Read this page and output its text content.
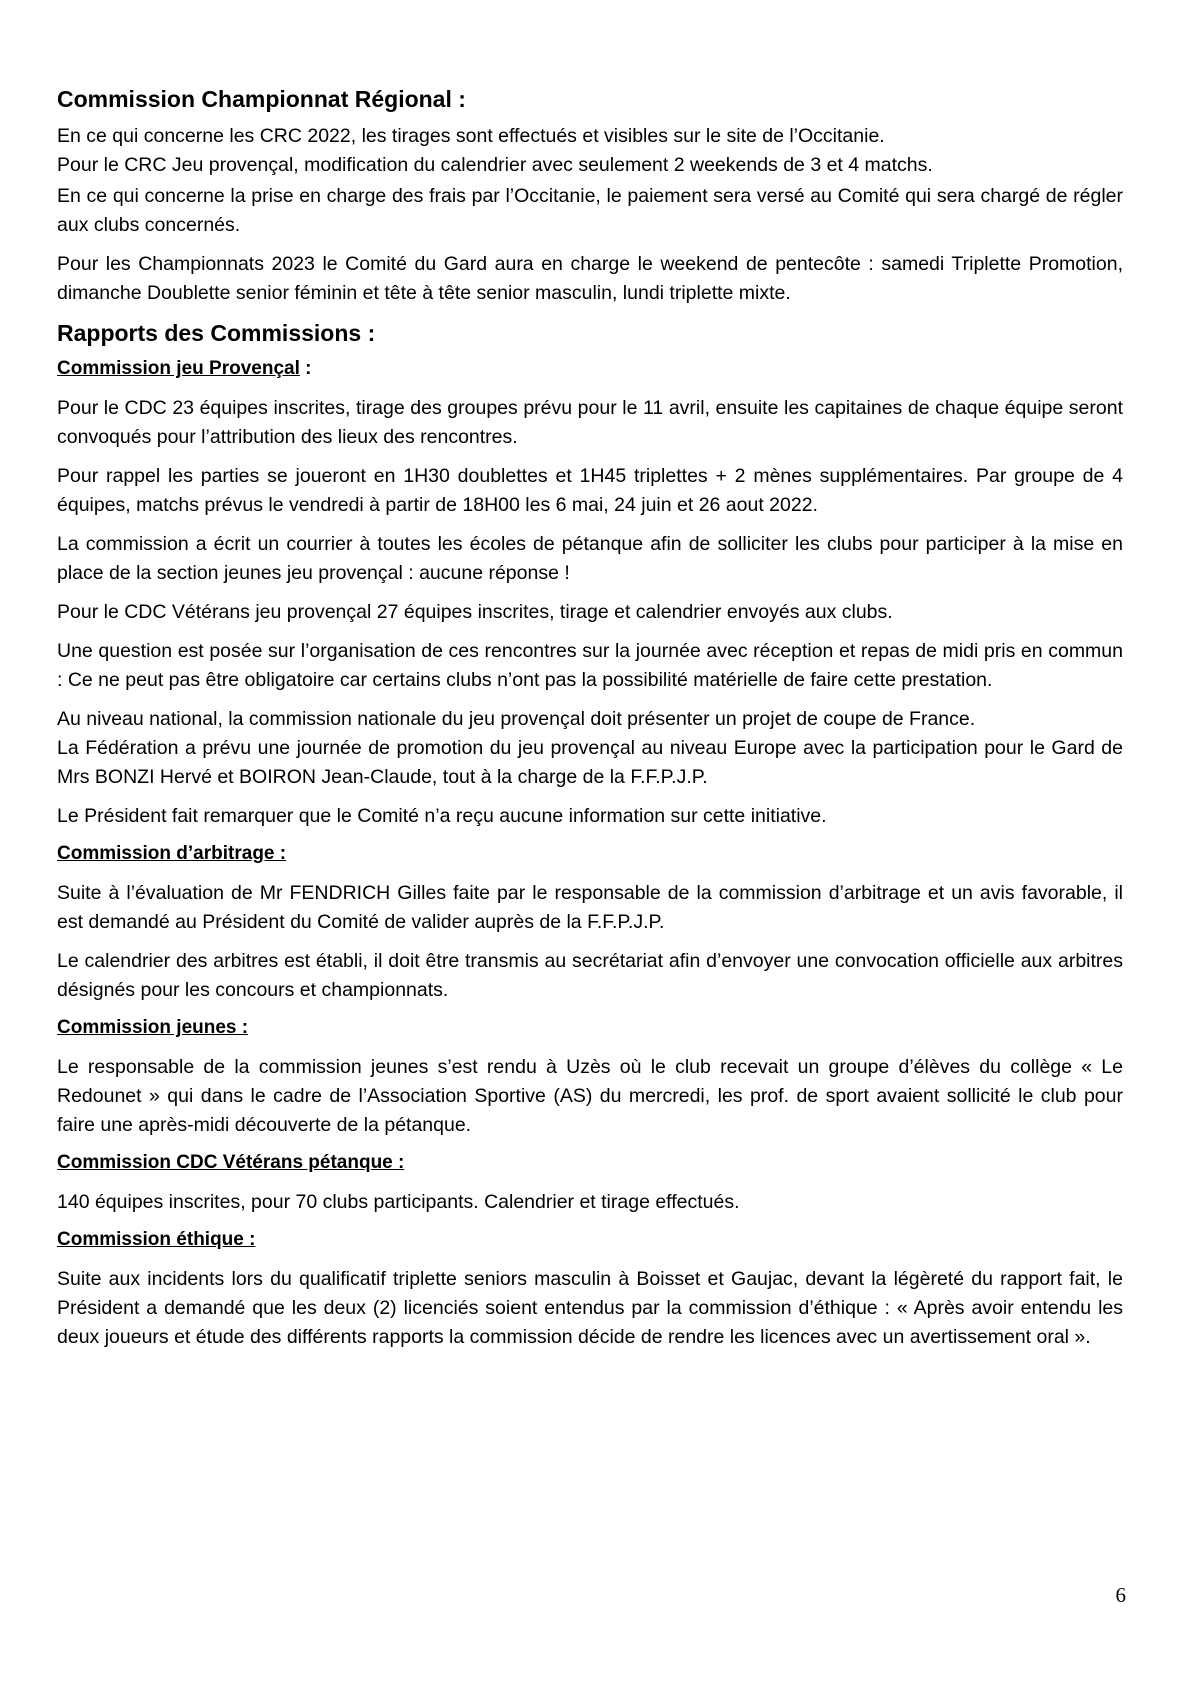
Commission Championnat Régional :

En ce qui concerne les CRC 2022, les tirages sont effectués et visibles sur le site de l’Occitanie.
Pour le CRC Jeu provençal, modification du calendrier avec seulement 2 weekends de 3 et 4 matchs.

En ce qui concerne la prise en charge des frais par l’Occitanie, le paiement sera versé au Comité qui sera chargé de régler aux clubs concernés.

Pour les Championnats 2023 le Comité du Gard aura en charge le weekend de pentecôte : samedi Triplette Promotion, dimanche Doublette senior féminin et tête à tête senior masculin, lundi triplette mixte.

Rapports des Commissions :
Commission jeu Provençal :

Pour le CDC 23 équipes inscrites, tirage des groupes prévu pour le 11 avril, ensuite les capitaines de chaque équipe seront convoqués pour l’attribution des lieux des rencontres.

Pour rappel les parties se joueront en 1H30 doublettes et 1H45 triplettes + 2 mènes supplémentaires. Par groupe de 4 équipes, matchs prévus le vendredi à partir de 18H00 les 6 mai, 24 juin et 26 aout 2022.

La commission a écrit un courrier à toutes les écoles de pétanque afin de solliciter les clubs pour participer à la mise en place de la section jeunes jeu provençal : aucune réponse !

Pour le CDC Vétérans jeu provençal 27 équipes inscrites, tirage et calendrier envoyés aux clubs.

Une question est posée sur l’organisation de ces rencontres sur la journée avec réception et repas de midi pris en commun : Ce ne peut pas être obligatoire car certains clubs n’ont pas la possibilité matérielle de faire cette prestation.

Au niveau national, la commission nationale du jeu provençal doit présenter un projet de coupe de France.
La Fédération a prévu une journée de promotion du jeu provençal au niveau Europe avec la participation pour le Gard de Mrs BONZI Hervé et BOIRON Jean-Claude, tout à la charge de la F.F.P.J.P.

Le Président fait remarquer que le Comité n’a reçu aucune information sur cette initiative.

Commission d’arbitrage :

Suite à l’évaluation de Mr FENDRICH Gilles faite par le responsable de la commission d’arbitrage et un avis favorable, il est demandé au Président du Comité de valider auprès de la F.F.P.J.P.

Le calendrier des arbitres est établi, il doit être transmis au secrétariat afin d’envoyer une convocation officielle aux arbitres désignés pour les concours et championnats.

Commission jeunes :

Le responsable de la commission jeunes s’est rendu à Uzès où le club recevait un groupe d’élèves du collège « Le Redounet » qui dans le cadre de l’Association Sportive (AS) du mercredi, les prof. de sport avaient sollicité le club pour faire une après-midi découverte de la pétanque.

Commission CDC Vétérans pétanque :

140 équipes inscrites, pour 70 clubs participants. Calendrier et tirage effectués.

Commission éthique :

Suite aux incidents lors du qualificatif triplette seniors masculin à Boisset et Gaujac, devant la légèreté du rapport fait, le Président a demandé que les deux (2) licenciés soient entendus par la commission d’éthique : « Après avoir entendu les deux joueurs et étude des différents rapports la commission décide de rendre les licences avec un avertissement oral ».

6
